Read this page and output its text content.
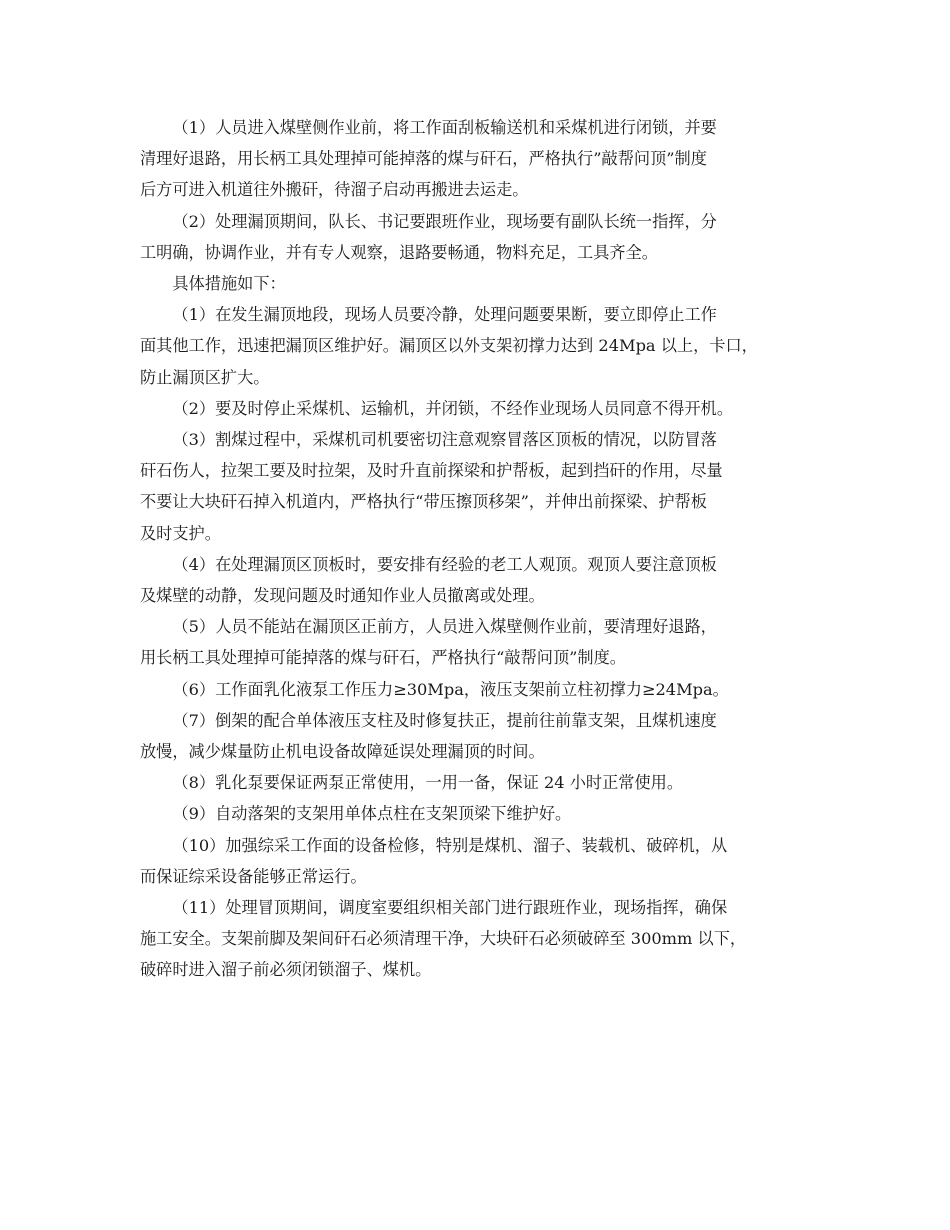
（1）人员进入煤壁侧作业前，将工作面刮板输送机和采煤机进行闭锁，并要
清理好退路，用长柄工具处理掉可能掉落的煤与矸石，严格执行”敲帮问顶”制度
后方可进入机道往外搬矸，待溜子启动再搬进去运走。
（2）处理漏顶期间，队长、书记要跟班作业，现场要有副队长统一指挥，分
工明确，协调作业，并有专人观察，退路要畅通，物料充足，工具齐全。
具体措施如下：
（1）在发生漏顶地段，现场人员要冷静，处理问题要果断，要立即停止工作
面其他工作，迅速把漏顶区维护好。漏顶区以外支架初撑力达到 24Mpa 以上，卡口，
防止漏顶区扩大。
（2）要及时停止采煤机、运输机，并闭锁，不经作业现场人员同意不得开机。
（3）割煤过程中，采煤机司机要密切注意观察冒落区顶板的情况，以防冒落
矸石伤人，拉架工要及时拉架，及时升直前探梁和护帮板，起到挡矸的作用，尽量
不要让大块矸石掉入机道内，严格执行“带压擦顶移架”，并伸出前探梁、护帮板
及时支护。
（4）在处理漏顶区顶板时，要安排有经验的老工人观顶。观顶人要注意顶板
及煤壁的动静，发现问题及时通知作业人员撤离或处理。
（5）人员不能站在漏顶区正前方，人员进入煤壁侧作业前，要清理好退路，
用长柄工具处理掉可能掉落的煤与矸石，严格执行“敲帮问顶”制度。
（6）工作面乳化液泵工作压力≥30Mpa，液压支架前立柱初撑力≥24Mpa。
（7）倒架的配合单体液压支柱及时修复扶正，提前往前靠支架，且煤机速度
放慢，减少煤量防止机电设备故障延误处理漏顶的时间。
（8）乳化泵要保证两泵正常使用，一用一备，保证 24 小时正常使用。
（9）自动落架的支架用单体点柱在支架顶梁下维护好。
（10）加强综采工作面的设备检修，特别是煤机、溜子、装载机、破碎机，从
而保证综采设备能够正常运行。
（11）处理冒顶期间，调度室要组织相关部门进行跟班作业，现场指挥，确保
施工安全。支架前脚及架间矸石必须清理干净，大块矸石必须破碎至 300mm 以下，
破碎时进入溜子前必须闭锁溜子、煤机。
